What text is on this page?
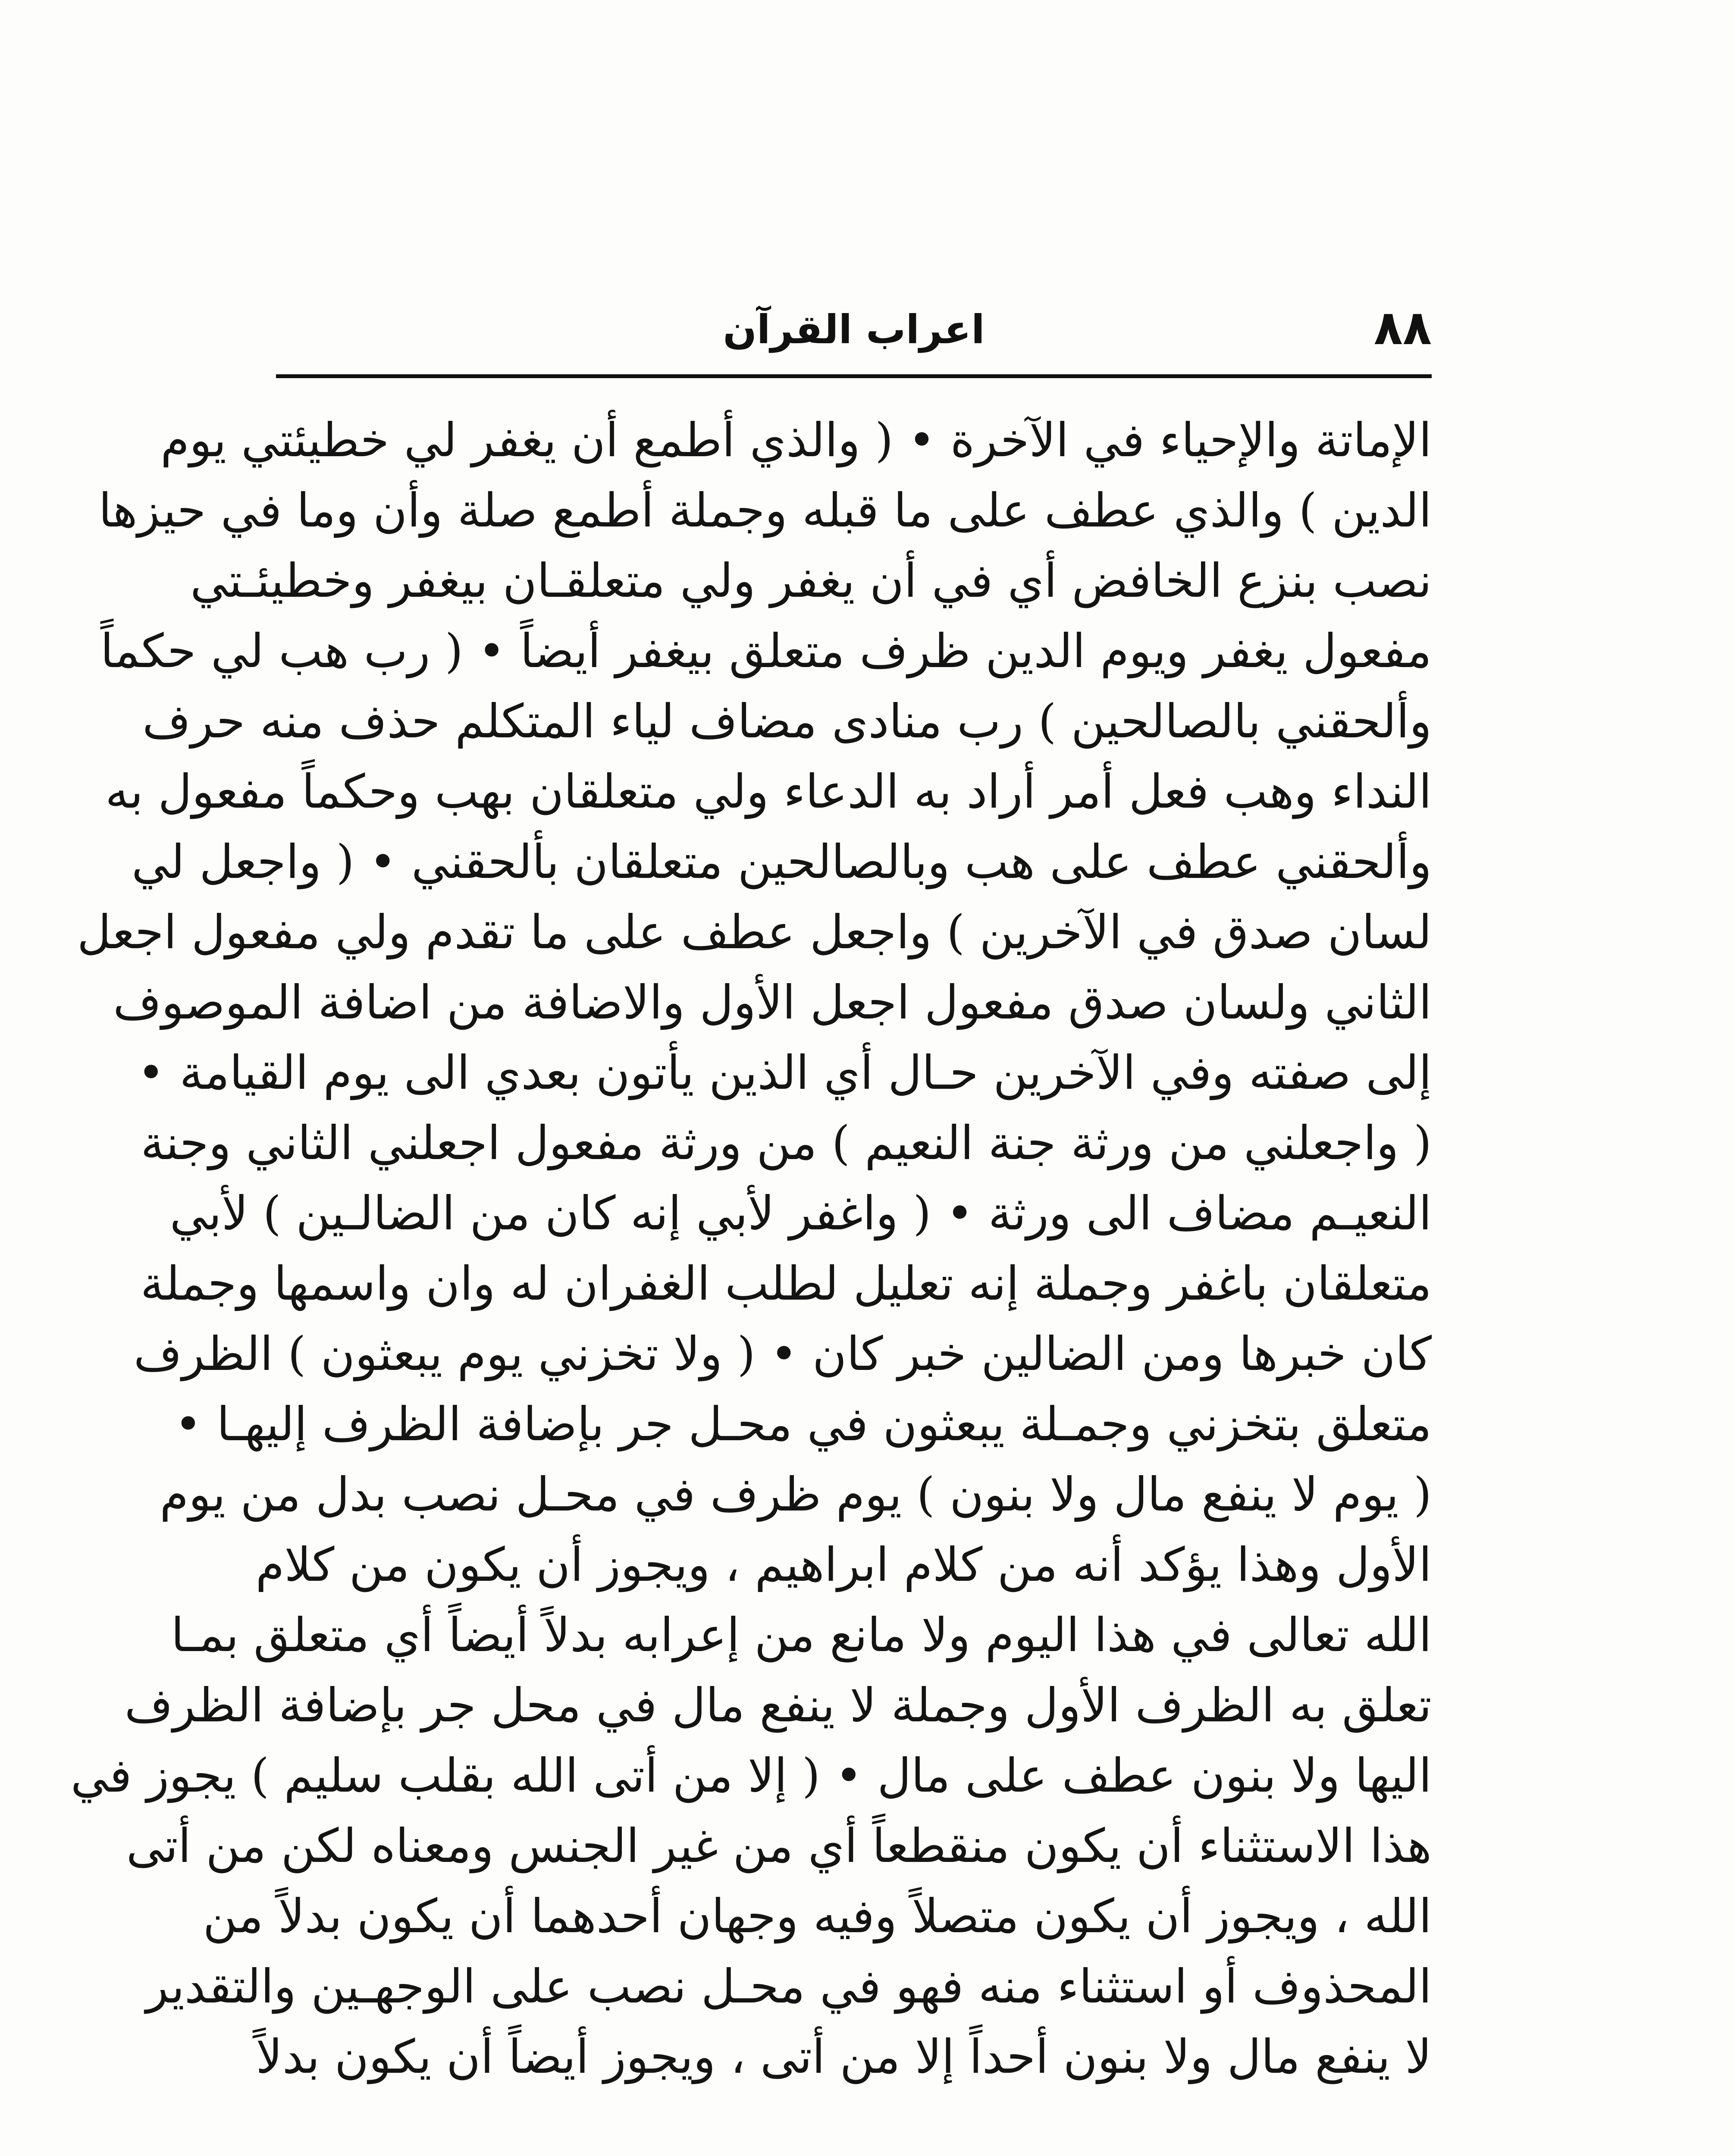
٨٨
اعراب القرآن
الإماتة والإحياء في الآخرة • ( والذي أطمع أن يغفر لي خطيئتي يوم
الدين ) والذي عطف على ما قبله وجملة أطمع صلة وأن وما في حيزها
نصب بنزع الخافض أي في أن يغفر ولي متعلقـان بيغفر وخطيئـتي
مفعول يغفر ويوم الدين ظرف متعلق بيغفر أيضاً • ( رب هب لي حكماً
وألحقني بالصالحين ) رب منادى مضاف لياء المتكلم حذف منه حرف
النداء وهب فعل أمر أراد به الدعاء ولي متعلقان بهب وحكماً مفعول به
وألحقني عطف على هب وبالصالحين متعلقان بألحقني • ( واجعل لي
لسان صدق في الآخرين ) واجعل عطف على ما تقدم ولي مفعول اجعل
الثاني ولسان صدق مفعول اجعل الأول والاضافة من اضافة الموصوف
إلى صفته وفي الآخرين حـال أي الذين يأتون بعدي الى يوم القيامة •
( واجعلني من ورثة جنة النعيم ) من ورثة مفعول اجعلني الثاني وجنة
النعيـم مضاف الى ورثة • ( واغفر لأبي إنه كان من الضالـين ) لأبي
متعلقان باغفر وجملة إنه تعليل لطلب الغفران له وان واسمها وجملة
كان خبرها ومن الضالين خبر كان • ( ولا تخزني يوم يبعثون ) الظرف
متعلق بتخزني وجمـلة يبعثون في محـل جر بإضافة الظرف إليهـا •
( يوم لا ينفع مال ولا بنون ) يوم ظرف في محـل نصب بدل من يوم
الأول وهذا يؤكد أنه من كلام ابراهيم ، ويجوز أن يكون من كلام
الله تعالى في هذا اليوم ولا مانع من إعرابه بدلاً أيضاً أي متعلق بمـا
تعلق به الظرف الأول وجملة لا ينفع مال في محل جر بإضافة الظرف
اليها ولا بنون عطف على مال • ( إلا من أتى الله بقلب سليم ) يجوز في
هذا الاستثناء أن يكون منقطعاً أي من غير الجنس ومعناه لكن من أتى
الله ، ويجوز أن يكون متصلاً وفيه وجهان أحدهما أن يكون بدلاً من
المحذوف أو استثناء منه فهو في محـل نصب على الوجهـين والتقدير
لا ينفع مال ولا بنون أحداً إلا من أتى ، ويجوز أيضاً أن يكون بدلاً
